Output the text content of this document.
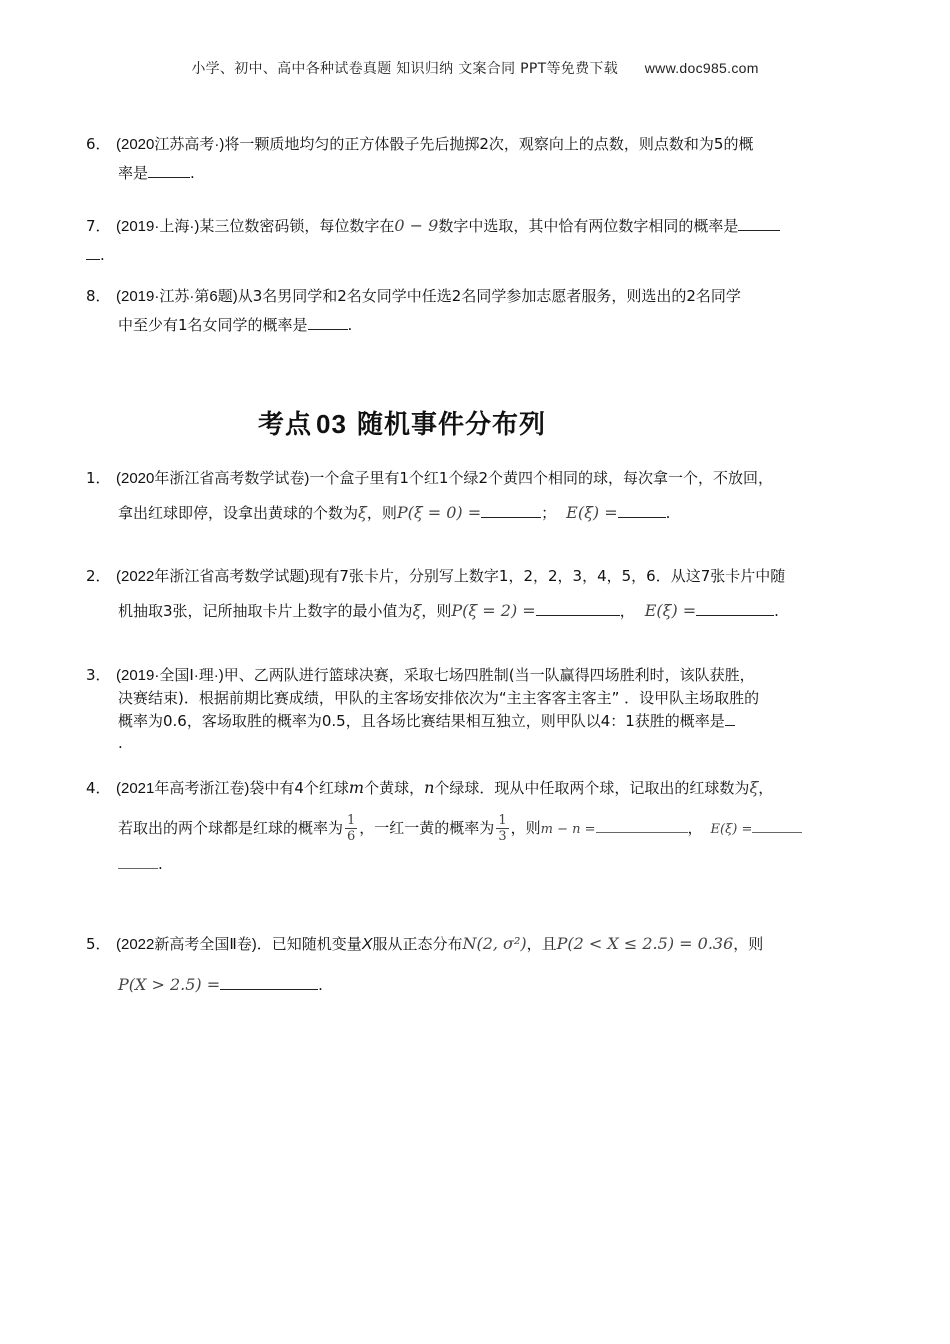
小学、初中、高中各种试卷真题 知识归纳 文案合同 PPT等免费下载 www.doc985.com
6． (2020江苏高考·)将一颗质地均匀的正方体骰子先后抛掷2次，观察向上的点数，则点数和为5的概
率是	.
7． (2019·上海·)某三位数密码锁，每位数字在0 − 9数字中选取，其中恰有两位数字相同的概率是
.
8． (2019·江苏·第6题)从3名男同学和2名女同学中任选2名同学参加志愿者服务，则选出的2名同学
中至少有1名女同学的概率是	.
考点 03 随机事件分布列
1． (2020年浙江省高考数学试卷)一个盒子里有1个红1个绿2个黄四个相同的球，每次拿一个，不放回，
拿出红球即停，设拿出黄球的个数为ξ，则P(ξ = 0) =	； E(ξ) =	.
2． (2022年浙江省高考数学试题)现有7张卡片，分别写上数字1，2，2，3，4，5，6．从这7张卡片中随
机抽取3张，记所抽取卡片上数字的最小值为ξ，则P(ξ = 2) =	， E(ξ) =	.
3． (2019·全国Ⅰ·理·)甲、乙两队进行篮球决赛，采取七场四胜制(当一队赢得四场胜利时，该队获胜，
决赛结束)．根据前期比赛成绩，甲队的主客场安排依次为“主主客客主客主” ．设甲队主场取胜的
概率为0.6，客场取胜的概率为0.5，且各场比赛结果相互独立，则甲队以4：1获胜的概率是
.
4． (2021年高考浙江卷)袋中有4个红球m个黄球，n个绿球．现从中任取两个球，记取出的红球数为ξ，
若取出的两个球都是红球的概率为 $\frac{1}{6}$ ，一红一黄的概率为 $\frac{1}{3}$ ，则m − n =	， E(ξ) =
.
5． (2022新高考全国Ⅱ卷)．已知随机变量X服从正态分布N(2, σ²)，且P(2 < X ≤ 2.5) = 0.36，则
P(X > 2.5) =	.
